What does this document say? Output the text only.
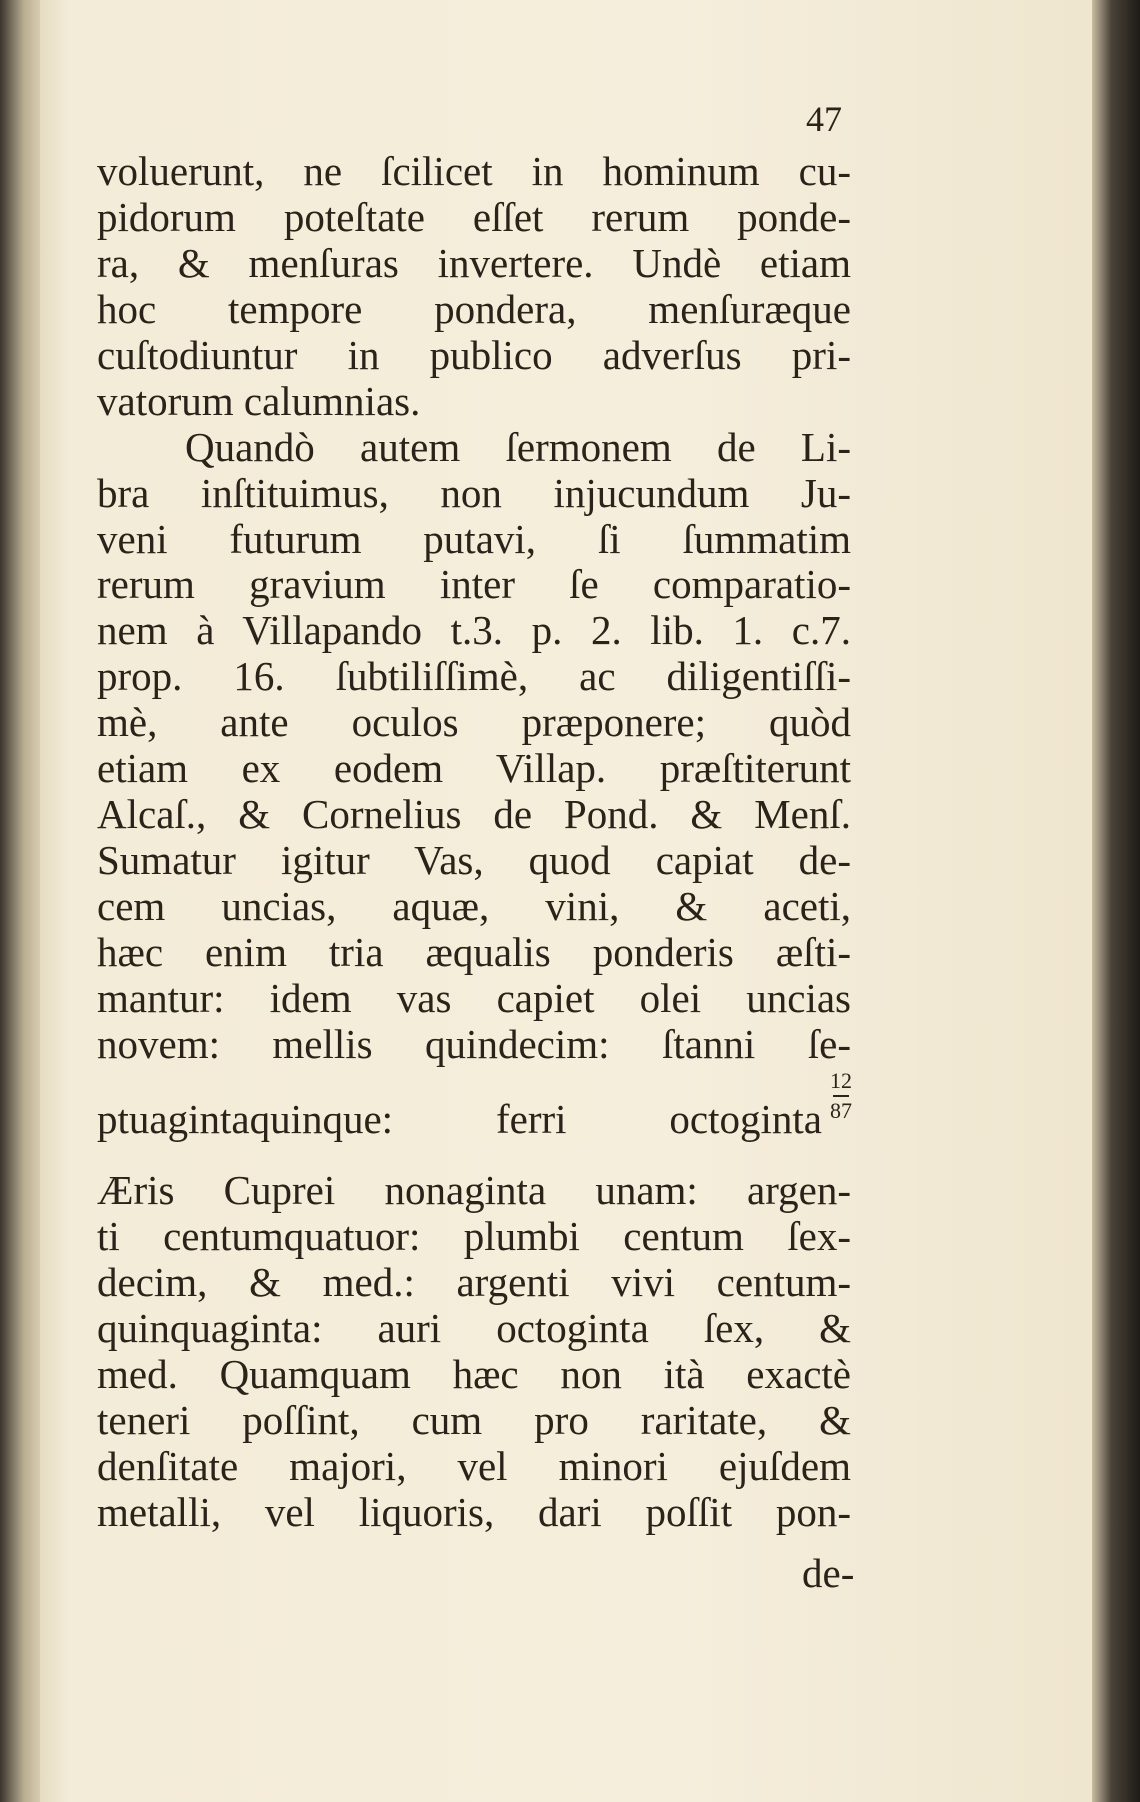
47
voluerunt, ne ſcilicet in hominum cu-
pidorum poteſtate eſſet rerum ponde-
ra, & menſuras invertere. Undè etiam
hoc tempore pondera, menſuræque
cuſtodiuntur in publico adverſus pri-
vatorum calumnias.
Quandò autem ſermonem de Li-
bra inſtituimus, non injucundum Ju-
veni futurum putavi, ſi ſummatim
rerum gravium inter ſe comparatio-
nem à Villapando t.3. p. 2. lib. 1. c.7.
prop. 16. ſubtiliſſimè, ac diligentiſſi-
mè, ante oculos præponere; quòd
etiam ex eodem Villap. præſtiterunt
Alcaſ., & Cornelius de Pond. & Menſ.
Sumatur igitur Vas, quod capiat de-
cem uncias, aquæ, vini, & aceti,
hæc enim tria æqualis ponderis æſti-
mantur: idem vas capiet olei uncias
novem: mellis quindecim: ſtanni ſe-
ptuagintaquinque: ferri octoginta
Æris Cuprei nonaginta unam: argen-
ti centumquatuor: plumbi centum ſex-
decim, & med.: argenti vivi centum-
quinquaginta: auri octoginta ſex, &
med. Quamquam hæc non ità exactè
teneri poſſint, cum pro raritate, &
denſitate majori, vel minori ejuſdem
metalli, vel liquoris, dari poſſit pon-
de-
12
87
